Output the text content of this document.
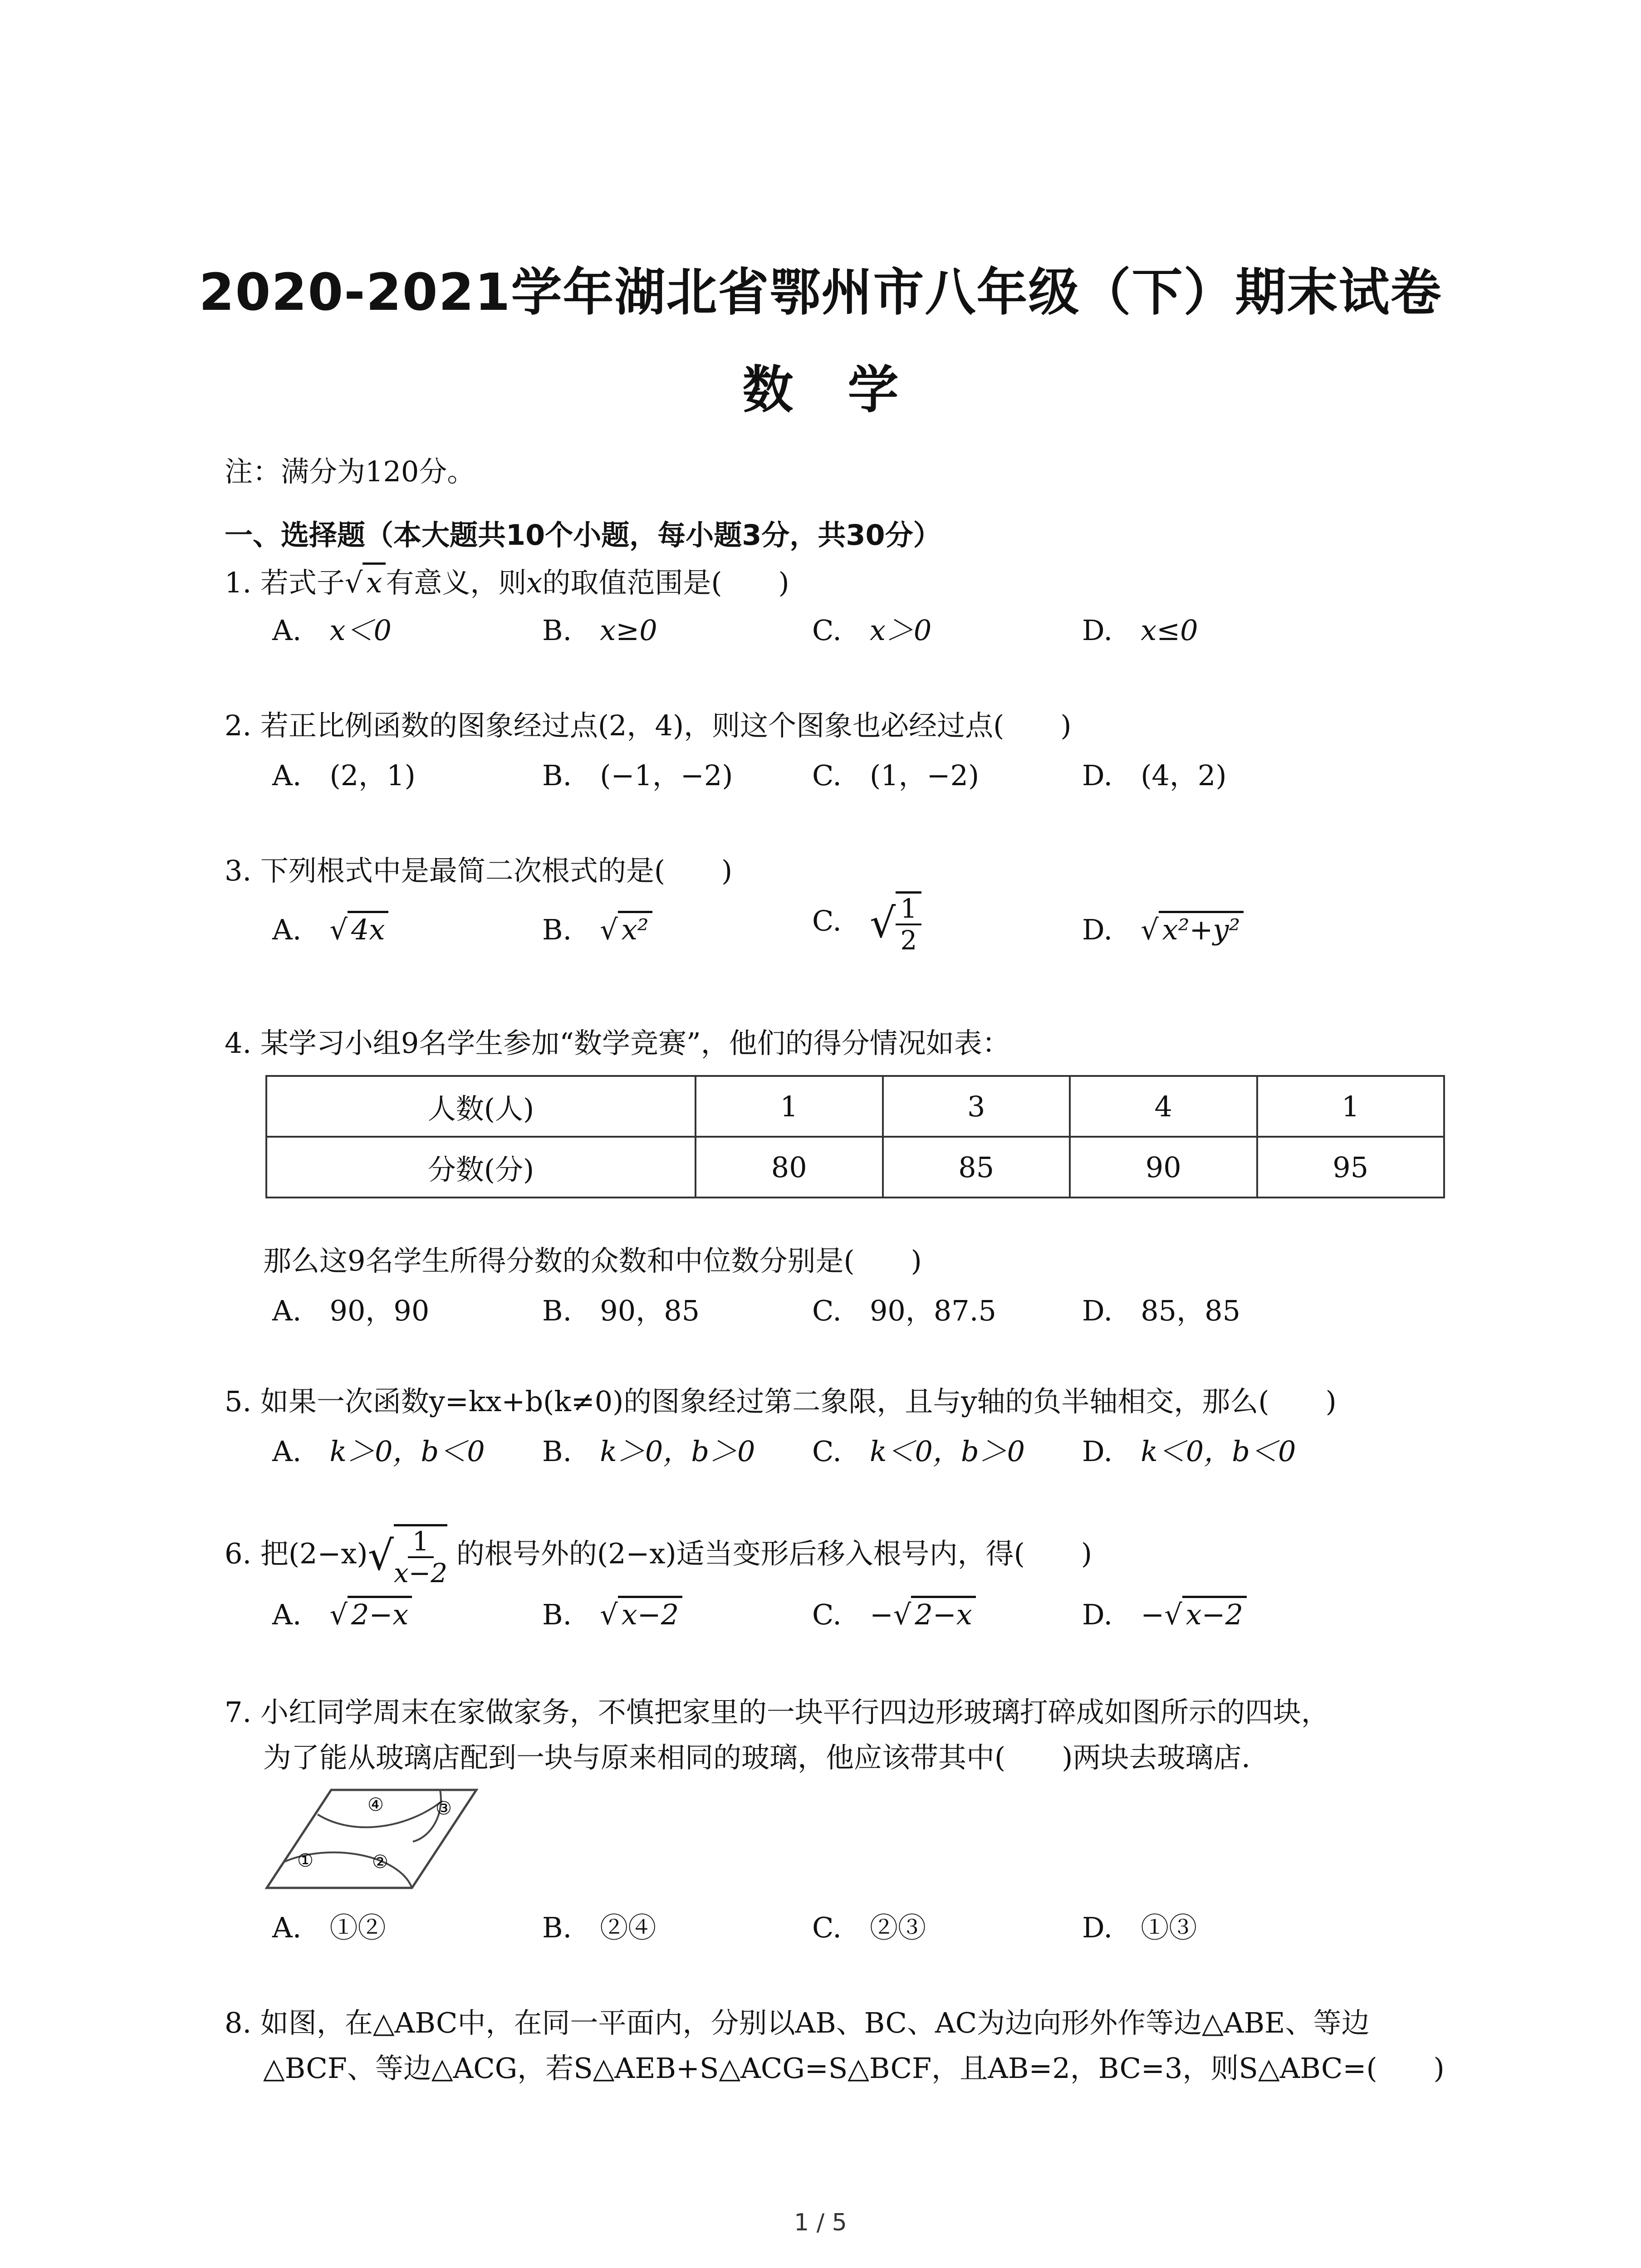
2020-2021学年湖北省鄂州市八年级（下）期末试卷
数学
注：满分为120分。
一、选择题（本大题共10个小题，每小题3分，共30分）
1. 若式子√ x 有意义，则x的取值范围是(　　)
A.　 x＜0	B.　 x≥0	C.　 x＞0	D.　 x≤0
2. 若正比例函数的图象经过点(2，4)，则这个图象也必经过点(　　)
A.　 (2，1)	B.　 (−1，−2)	C.　 (1，−2)	D.　 (4，2)
3. 下列根式中是最简二次根式的是(　　)
A.　 √ 4x	B.　 √ x²	C.　 √ $\frac{1}{2}$	D.　 √ x²+y²
4. 某学习小组9名学生参加“数学竞赛”，他们的得分情况如表：
人数(人)	1	3	4	1
分数(分)	80	85	90	95
那么这9名学生所得分数的众数和中位数分别是(　　)
A.　 90，90	B.　 90，85	C.　 90，87.5	D.　 85，85
5. 如果一次函数y=kx+b(k≠0)的图象经过第二象限，且与y轴的负半轴相交，那么(　　)
A.　 k＞0，b＜0 B.　 k＞0，b＞0 C.　 k＜0，b＞0 D.　 k＜0，b＜0
6. 把$(2-x)√ \frac{1}{x-2}$ 的根号外的(2−x)适当变形后移入根号内，得(　　)
A.　 √ 2−x	B.　 √ x−2	C.　 −√ 2−x	D.　 −√ x−2
7. 小红同学周末在家做家务，不慎把家里的一块平行四边形玻璃打碎成如图所示的四块，
为了能从玻璃店配到一块与原来相同的玻璃，他应该带其中(　　)两块去玻璃店．
①	②
③
④
A.　 ①②	B.　 ②④	C.　 ②③	D.　 ①③
8. 如图，在△ABC中，在同一平面内，分别以AB、BC、AC为边向形外作等边△ABE、等边
△BCF、等边△ACG，若S△AEB+S△ACG=S△BCF，且AB=2，BC=3，则S△ABC=(　　)
1 / 5
